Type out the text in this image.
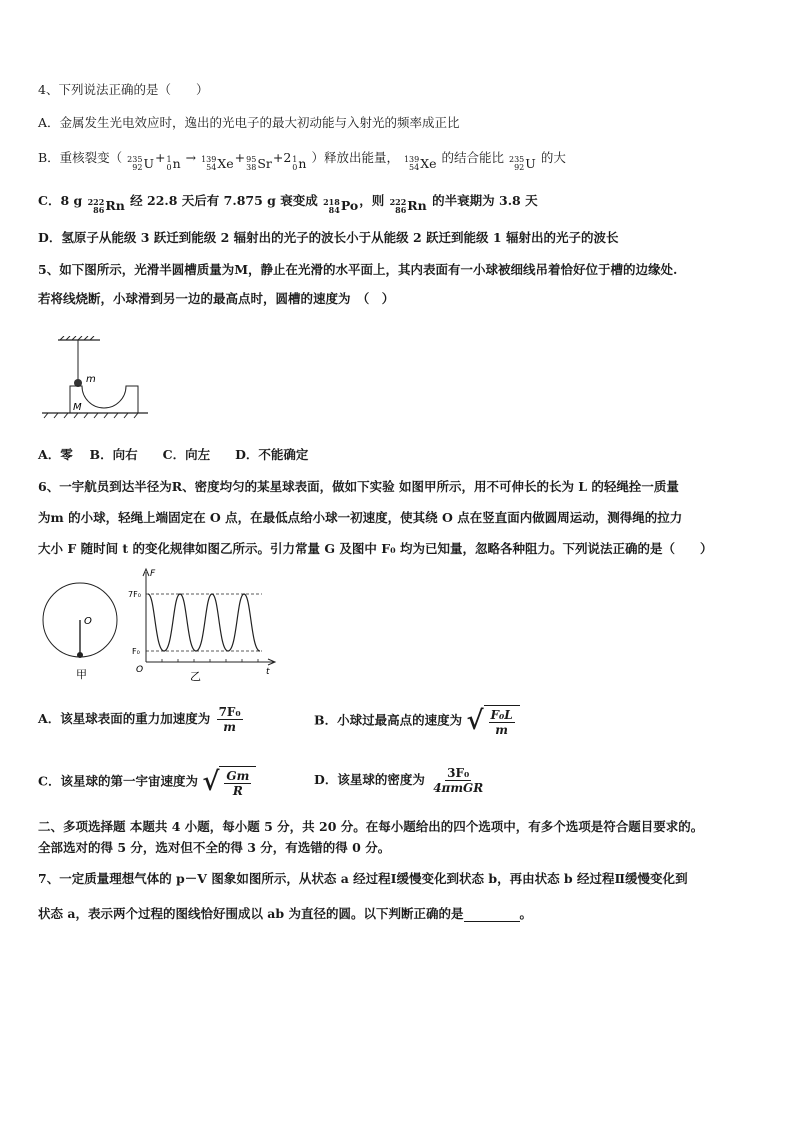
4、下列说法正确的是（　　）
A．金属发生光电效应时，逸出的光电子的最大初动能与入射光的频率成正比
B．重核裂变（ 235
92 U+ 1
0 n → 139
54 Xe+ 95
38 Sr+2 1
0 n ）释放出能量， 139
54 Xe 的结合能比 235
92 U 的大
C．8 g 222
86 Rn 经 22.8 天后有 7.875 g 衰变成 218
84 Po，则 222
86 Rn 的半衰期为 3.8 天
D．氢原子从能级 3 跃迁到能级 2 辐射出的光子的波长小于从能级 2 跃迁到能级 1 辐射出的光子的波长
5、如下图所示，光滑半圆槽质量为M，静止在光滑的水平面上，其内表面有一小球被细线吊着恰好位于槽的边缘处.
若将线烧断，小球滑到另一边的最高点时，圆槽的速度为　（　）
m
M
A．零　 B．向右　　C．向左　　D．不能确定
6、一宇航员到达半径为R、密度均匀的某星球表面，做如下实验 如图甲所示，用不可伸长的长为 L 的轻绳拴一质量
为m 的小球，轻绳上端固定在 O 点，在最低点给小球一初速度，使其绕 O 点在竖直面内做圆周运动，测得绳的拉力
大小 F 随时间 t 的变化规律如图乙所示。引力常量 G 及图中 F₀ 均为已知量，忽略各种阻力。下列说法正确的是（　　）
O
甲
F
t
O
7F₀
F₀
乙
A．该星球表面的重力加速度为 $\frac{\text{7F₀}}{m}$	B．小球过最高点的速度为 √ $\frac{\text{F₀L}}{m}$
C．该星球的第一宇宙速度为 √ $\frac{Gm}{R}$	D．该星球的密度为 $\frac{\text{3F₀}}{\text{4πmGR}}$
二、多项选择题 本题共 4 小题，每小题 5 分，共 20 分。在每小题给出的四个选项中，有多个选项是符合题目要求的。
全部选对的得 5 分，选对但不全的得 3 分，有选错的得 0 分。
7、一定质量理想气体的 p－V 图象如图所示，从状态 a 经过程Ⅰ缓慢变化到状态 b，再由状态 b 经过程Ⅱ缓慢变化到
状态 a，表示两个过程的图线恰好围成以 ab 为直径的圆。以下判断正确的是	。
